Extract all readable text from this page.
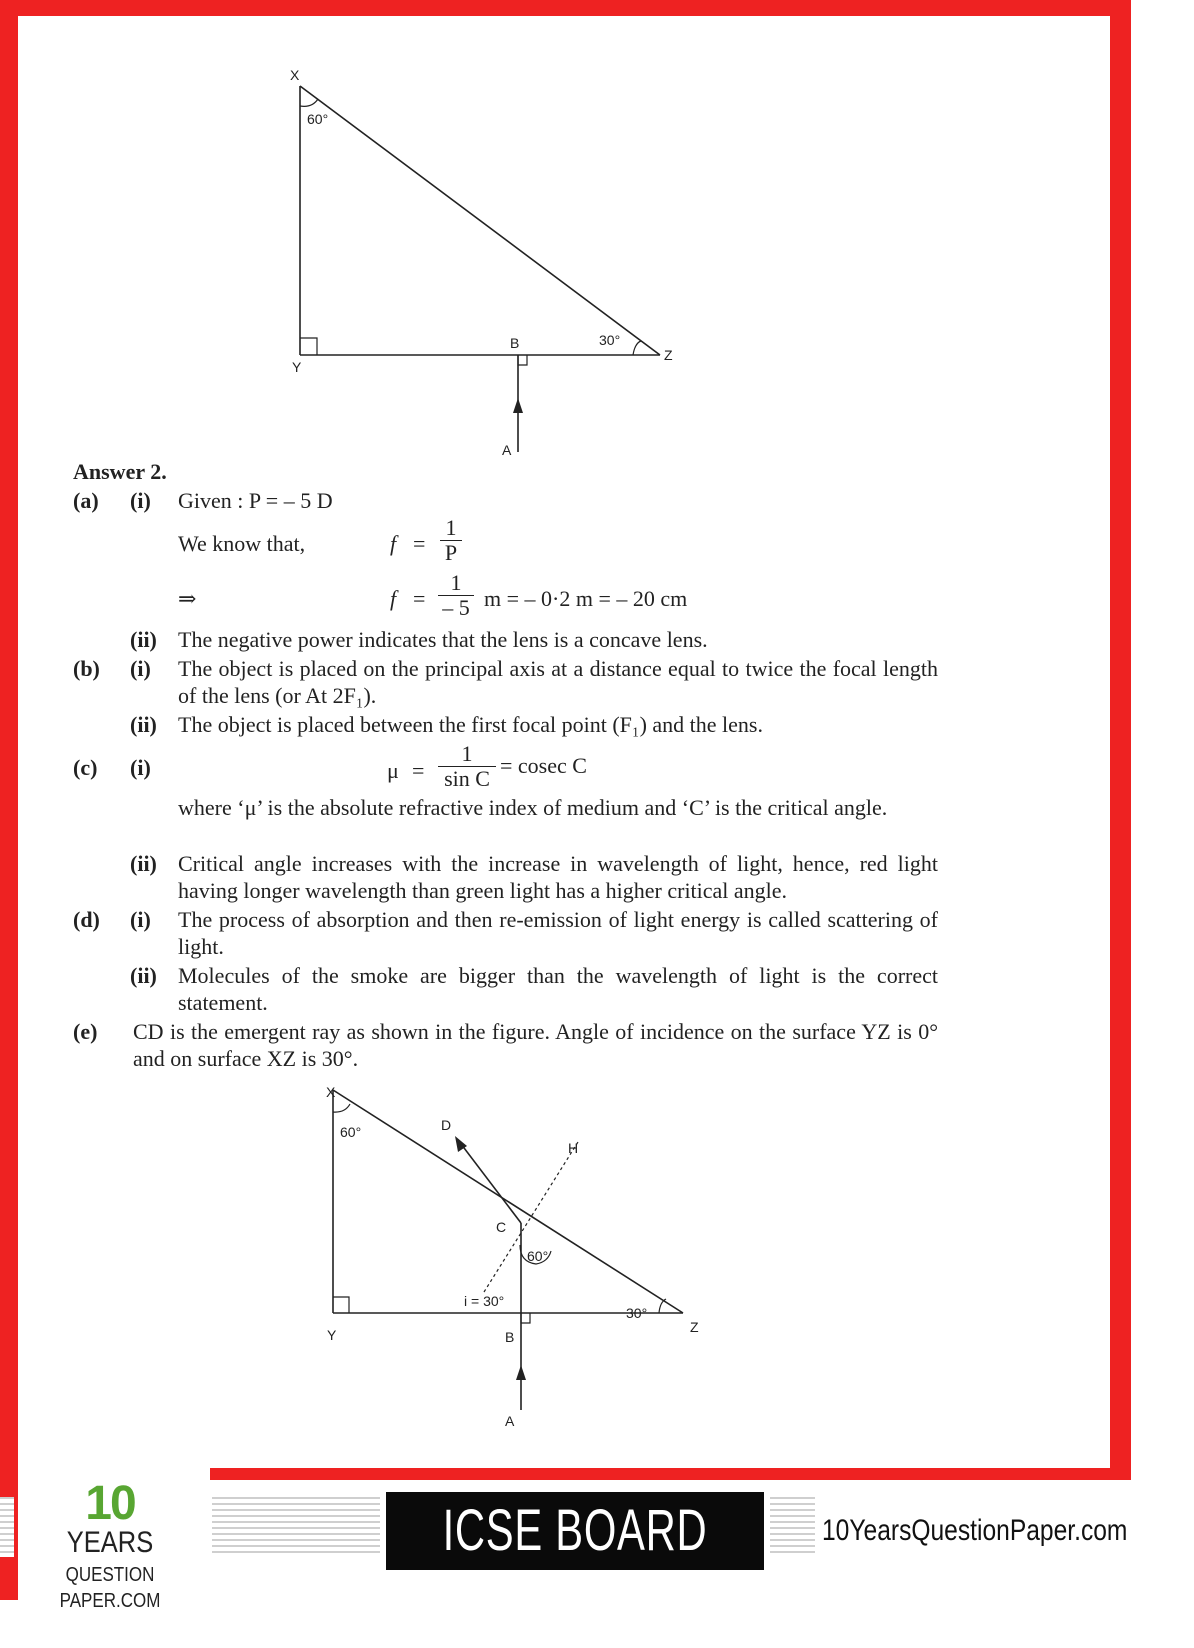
X
60°
Y
B	30°
Z
A
Answer 2.
(a) (i) Given : P = – 5 D
We know that,	$f = \frac{1}{P}$
⇒	$f = \frac{1}{- 5}$ m = – 0·2 m = – 20 cm
(ii) The negative power indicates that the lens is a concave lens.
(b) (i) The object is placed on the principal axis at a distance equal to twice the focal length of the lens (or At 2F₁).
(ii) The object is placed between the first focal point (F₁) and the lens.
(c) (i)	$\mu = \frac{1}{\text{sin C}} = cosec$ C
where ‘μ’ is the absolute refractive index of medium and ‘C’ is the critical angle.
(ii) Critical angle increases with the increase in wavelength of light, hence, red light having longer wavelength than green light has a higher critical angle.
(d) (i) The process of absorption and then re-emission of light energy is called scattering of light.
(ii) Molecules of the smoke are bigger than the wavelength of light is the correct statement.
(e) CD is the emergent ray as shown in the figure. Angle of incidence on the surface YZ is 0° and on surface XZ is 30°.
X
60°	D
H
C
60°
i = 30°
30°
Z
Y	B
A
10
YEARS
QUESTION PAPER.COM
ICSE BOARD X
10YearsQuestionPaper.com
